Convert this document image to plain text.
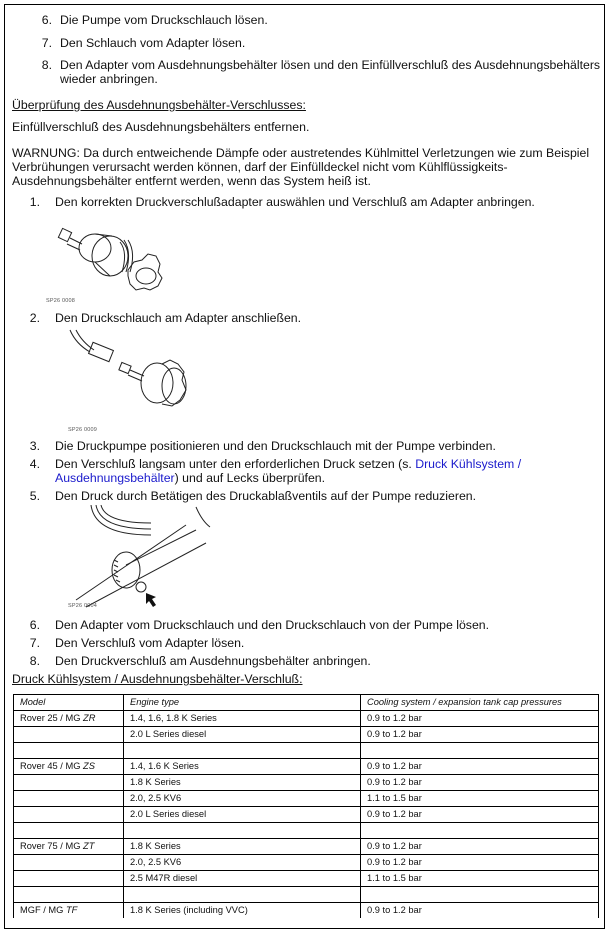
6. Die Pumpe vom Druckschlauch lösen.
7. Den Schlauch vom Adapter lösen.
8. Den Adapter vom Ausdehnungsbehälter lösen und den Einfüllverschluß des Ausdehnungsbehälters
wieder anbringen.
Überprüfung des Ausdehnungsbehälter-Verschlusses:
Einfüllverschluß des Ausdehnungsbehälters entfernen.
WARNUNG: Da durch entweichende Dämpfe oder austretendes Kühlmittel Verletzungen wie zum Beispiel
Verbrühungen verursacht werden können, darf der Einfülldeckel nicht vom Kühlflüssigkeits-
Ausdehnungsbehälter entfernt werden, wenn das System heiß ist.
1. Den korrekten Druckverschlußadapter auswählen und Verschluß am Adapter anbringen.
SP26 0008
2. Den Druckschlauch am Adapter anschließen.
SP26 0009
3. Die Druckpumpe positionieren und den Druckschlauch mit der Pumpe verbinden.
4. Den Verschluß langsam unter den erforderlichen Druck setzen (s. Druck Kühlsystem /
Ausdehnungsbehälter) und auf Lecks überprüfen.
5. Den Druck durch Betätigen des Druckablaßventils auf der Pumpe reduzieren.
SP26 0004
6. Den Adapter vom Druckschlauch und den Druckschlauch von der Pumpe lösen.
7. Den Verschluß vom Adapter lösen.
8. Den Druckverschluß am Ausdehnungsbehälter anbringen.
Druck Kühlsystem / Ausdehnungsbehälter-Verschluß:
Model	Engine type	Cooling system / expansion tank cap pressures
Rover 25 / MG ZR	1.4, 1.6, 1.8 K Series	0.9 to 1.2 bar
	2.0 L Series diesel	0.9 to 1.2 bar

Rover 45 / MG ZS	1.4, 1.6 K Series	0.9 to 1.2 bar
	1.8 K Series	0.9 to 1.2 bar
	2.0, 2.5 KV6	1.1 to 1.5 bar
	2.0 L Series diesel	0.9 to 1.2 bar

Rover 75 / MG ZT	1.8 K Series	0.9 to 1.2 bar
	2.0, 2.5 KV6	0.9 to 1.2 bar
	2.5 M47R diesel	1.1 to 1.5 bar

MGF / MG TF	1.8 K Series (including VVC)	0.9 to 1.2 bar
